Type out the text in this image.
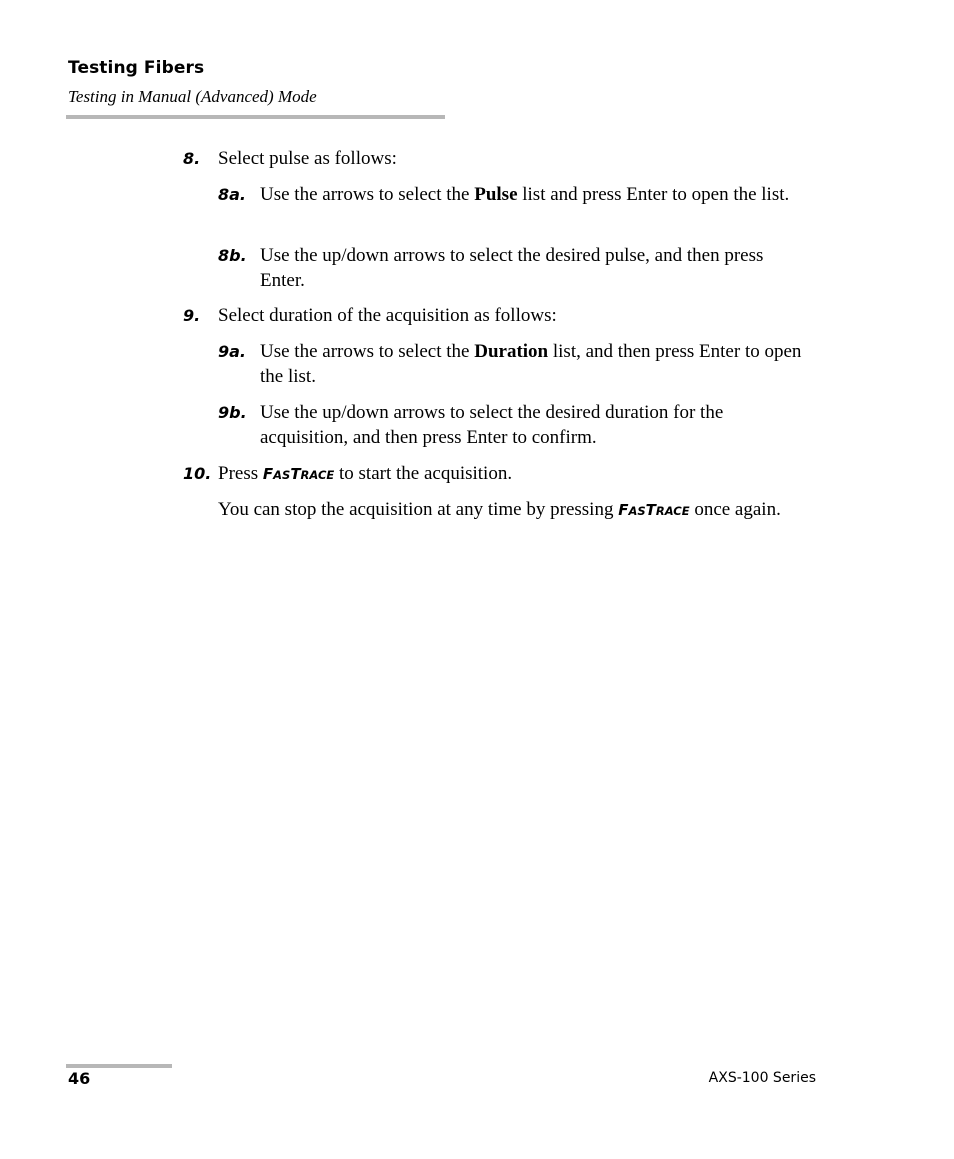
Testing Fibers
Testing in Manual (Advanced) Mode
8. Select pulse as follows:
8a. Use the arrows to select the Pulse list and press Enter to open the list.
8b. Use the up/down arrows to select the desired pulse, and then press Enter.
9. Select duration of the acquisition as follows:
9a. Use the arrows to select the Duration list, and then press Enter to open the list.
9b. Use the up/down arrows to select the desired duration for the acquisition, and then press Enter to confirm.
10. Press FASTRACE to start the acquisition.
You can stop the acquisition at any time by pressing FASTRACE once again.
46	AXS-100 Series
